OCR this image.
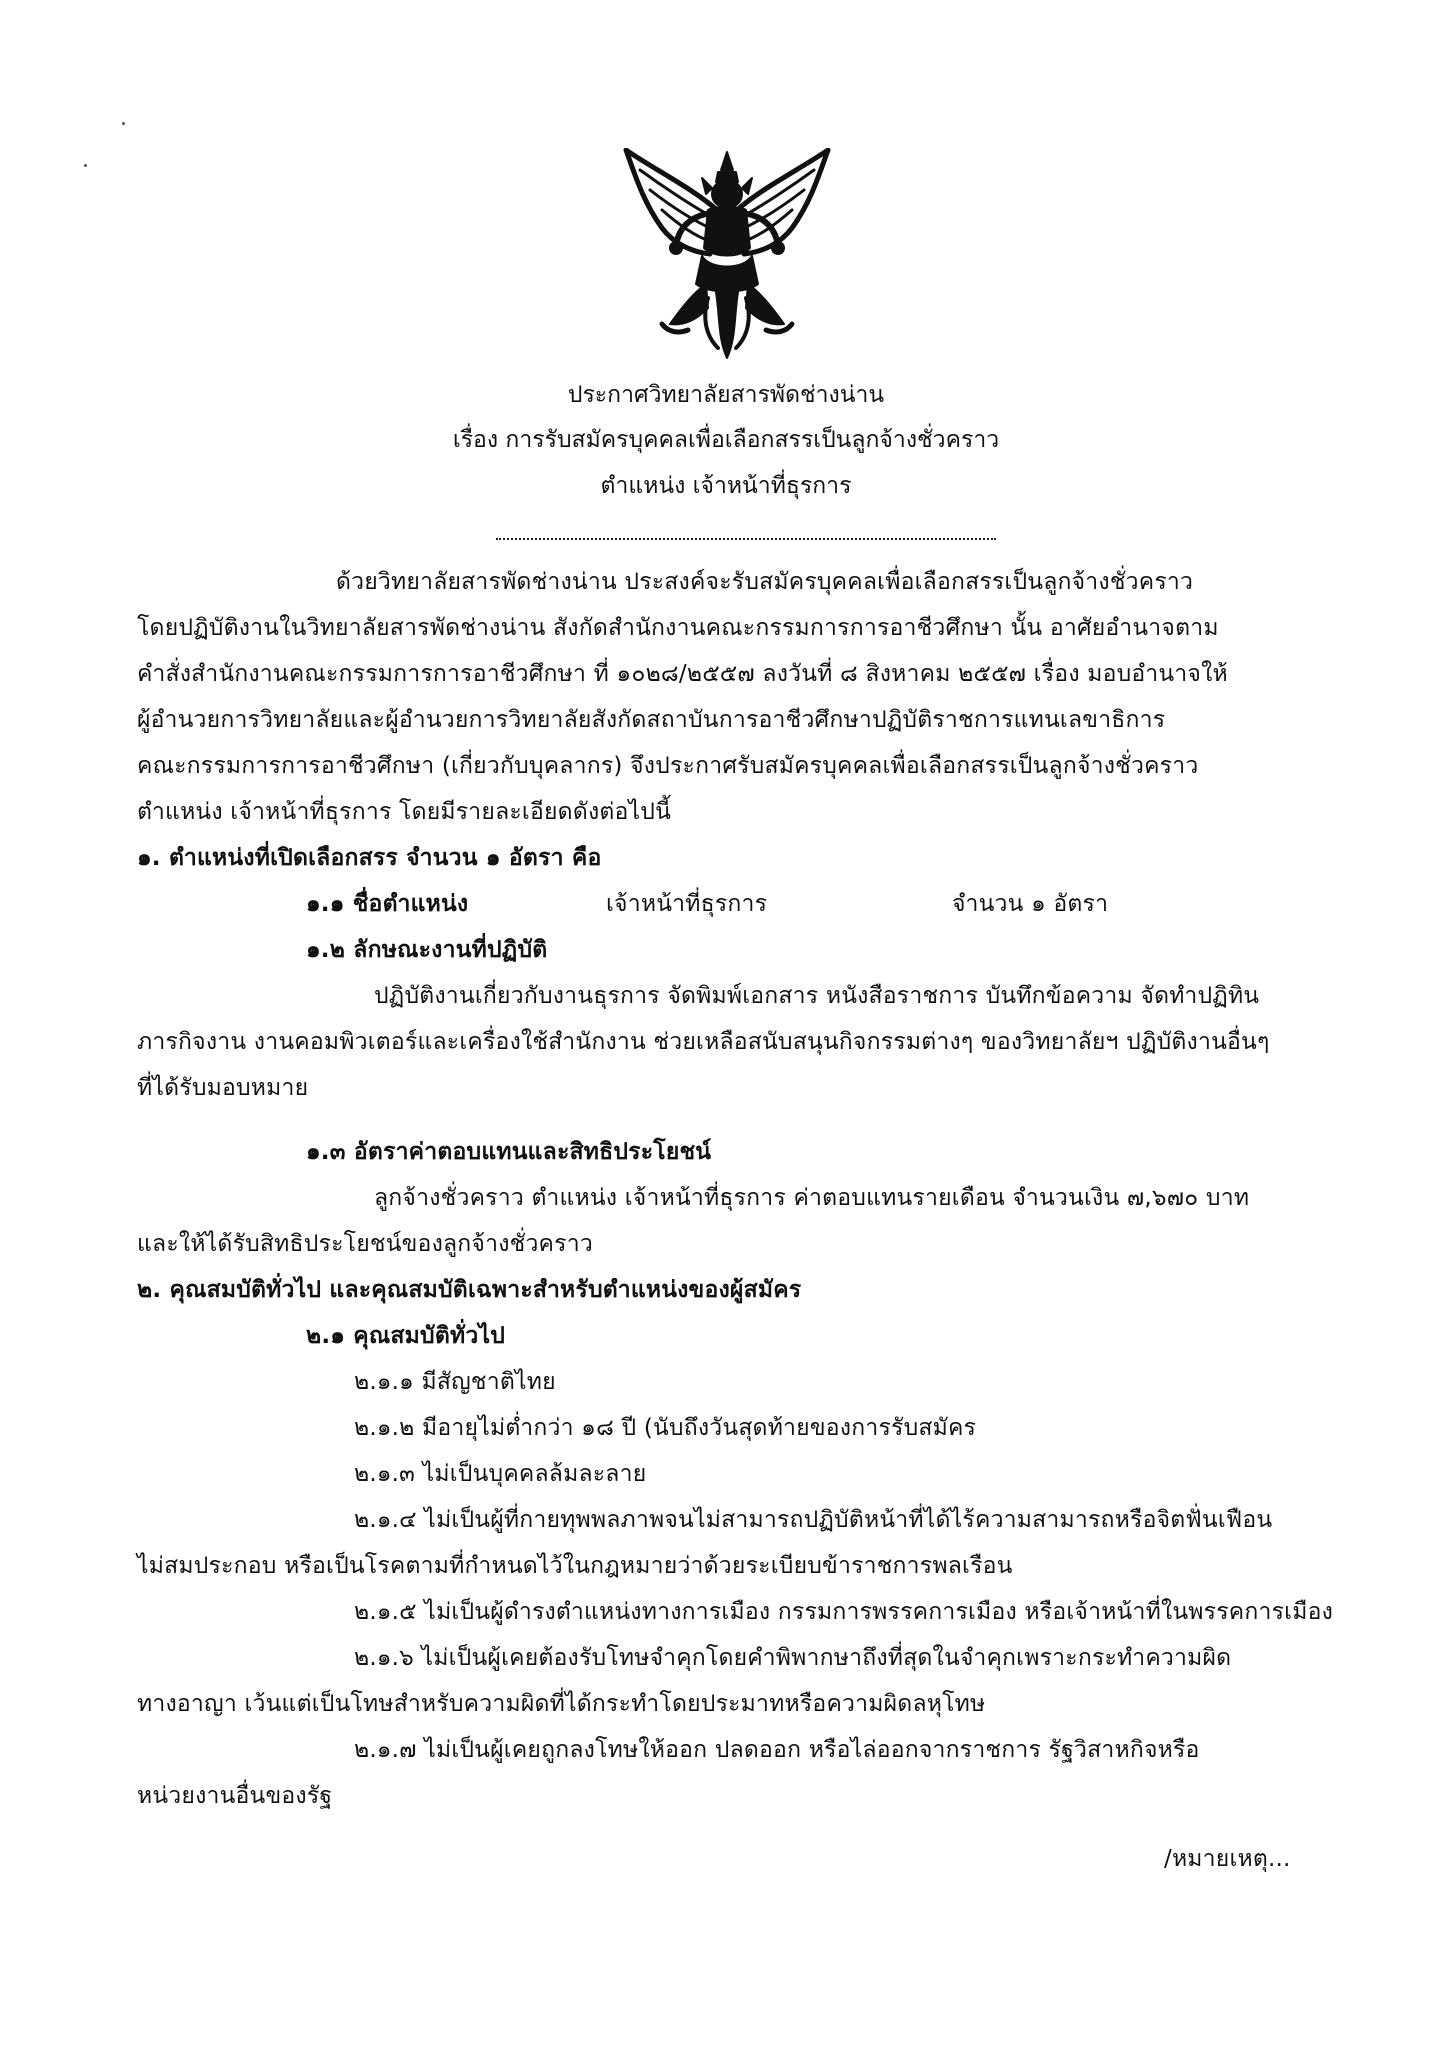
ประกาศวิทยาลัยสารพัดช่างน่าน
เรื่อง การรับสมัครบุคคลเพื่อเลือกสรรเป็นลูกจ้างชั่วคราว
ตำแหน่ง เจ้าหน้าที่ธุรการ
ด้วยวิทยาลัยสารพัดช่างน่าน ประสงค์จะรับสมัครบุคคลเพื่อเลือกสรรเป็นลูกจ้างชั่วคราว
โดยปฏิบัติงานในวิทยาลัยสารพัดช่างน่าน สังกัดสำนักงานคณะกรรมการการอาชีวศึกษา นั้น อาศัยอำนาจตาม
คำสั่งสำนักงานคณะกรรมการการอาชีวศึกษา ที่ ๑๐๒๘/๒๕๕๗ ลงวันที่ ๘ สิงหาคม ๒๕๕๗ เรื่อง มอบอำนาจให้
ผู้อำนวยการวิทยาลัยและผู้อำนวยการวิทยาลัยสังกัดสถาบันการอาชีวศึกษาปฏิบัติราชการแทนเลขาธิการ
คณะกรรมการการอาชีวศึกษา (เกี่ยวกับบุคลากร) จึงประกาศรับสมัครบุคคลเพื่อเลือกสรรเป็นลูกจ้างชั่วคราว
ตำแหน่ง เจ้าหน้าที่ธุรการ โดยมีรายละเอียดดังต่อไปนี้
๑. ตำแหน่งที่เปิดเลือกสรร จำนวน ๑ อัตรา คือ
๑.๑ ชื่อตำแหน่ง	เจ้าหน้าที่ธุรการ	จำนวน ๑ อัตรา
๑.๒ ลักษณะงานที่ปฏิบัติ
ปฏิบัติงานเกี่ยวกับงานธุรการ จัดพิมพ์เอกสาร หนังสือราชการ บันทึกข้อความ จัดทำปฏิทิน
ภารกิจงาน งานคอมพิวเตอร์และเครื่องใช้สำนักงาน ช่วยเหลือสนับสนุนกิจกรรมต่างๆ ของวิทยาลัยฯ ปฏิบัติงานอื่นๆ
ที่ได้รับมอบหมาย
๑.๓ อัตราค่าตอบแทนและสิทธิประโยชน์
ลูกจ้างชั่วคราว ตำแหน่ง เจ้าหน้าที่ธุรการ ค่าตอบแทนรายเดือน จำนวนเงิน ๗,๖๗๐ บาท
และให้ได้รับสิทธิประโยชน์ของลูกจ้างชั่วคราว
๒. คุณสมบัติทั่วไป และคุณสมบัติเฉพาะสำหรับตำแหน่งของผู้สมัคร
๒.๑ คุณสมบัติทั่วไป
๒.๑.๑ มีสัญชาติไทย
๒.๑.๒ มีอายุไม่ต่ำกว่า ๑๘ ปี (นับถึงวันสุดท้ายของการรับสมัคร
๒.๑.๓ ไม่เป็นบุคคลล้มละลาย
๒.๑.๔ ไม่เป็นผู้ที่กายทุพพลภาพจนไม่สามารถปฏิบัติหน้าที่ได้ไร้ความสามารถหรือจิตฟั่นเฟือน
ไม่สมประกอบ หรือเป็นโรคตามที่กำหนดไว้ในกฎหมายว่าด้วยระเบียบข้าราชการพลเรือน
๒.๑.๕ ไม่เป็นผู้ดำรงตำแหน่งทางการเมือง กรรมการพรรคการเมือง หรือเจ้าหน้าที่ในพรรคการเมือง
๒.๑.๖ ไม่เป็นผู้เคยต้องรับโทษจำคุกโดยคำพิพากษาถึงที่สุดในจำคุกเพราะกระทำความผิด
ทางอาญา เว้นแต่เป็นโทษสำหรับความผิดที่ได้กระทำโดยประมาทหรือความผิดลหุโทษ
๒.๑.๗ ไม่เป็นผู้เคยถูกลงโทษให้ออก ปลดออก หรือไล่ออกจากราชการ รัฐวิสาหกิจหรือ
หน่วยงานอื่นของรัฐ
/หมายเหตุ...
